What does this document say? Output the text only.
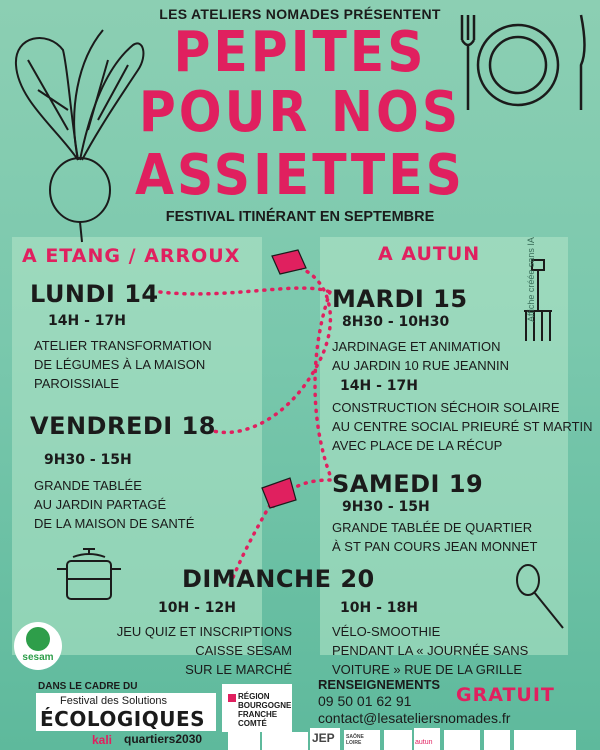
LES ATELIERS NOMADES PRÉSENTENT
PEPITES
POUR NOS
ASSIETTES
FESTIVAL ITINÉRANT EN SEPTEMBRE
A ETANG / ARROUX
LUNDI 14
14H - 17H
ATELIER TRANSFORMATION
DE LÉGUMES À LA MAISON
PAROISSIALE
VENDREDI 18
9H30 - 15H
GRANDE TABLÉE
AU JARDIN PARTAGÉ
DE LA MAISON DE SANTÉ
A AUTUN
MARDI 15
8H30 - 10H30
JARDINAGE ET ANIMATION
AU JARDIN 10 RUE JEANNIN
14H - 17H
CONSTRUCTION SÉCHOIR SOLAIRE
AU CENTRE SOCIAL PRIEURÉ ST MARTIN
AVEC PLACE DE LA RÉCUP
SAMEDI 19
9H30 - 15H
GRANDE TABLÉE DE QUARTIER
À ST PAN COURS JEAN MONNET
Affiche créée sans IA
DIMANCHE 20
10H - 12H
JEU QUIZ ET INSCRIPTIONS
CAISSE SESAM
SUR LE MARCHÉ
10H - 18H
VÉLO-SMOOTHIE
PENDANT LA « JOURNÉE SANS
VOITURE » RUE DE LA GRILLE
sesam
DANS LE CADRE DU
Festival des Solutions
ÉCOLOGIQUES
RÉGION
BOURGOGNE
FRANCHE
COMTÉ
kali quartiers2030	JEP SAÔNE LOIRE	autun
RENSEIGNEMENTS
09 50 01 62 91
contact@lesateliersnomades.fr
GRATUIT
